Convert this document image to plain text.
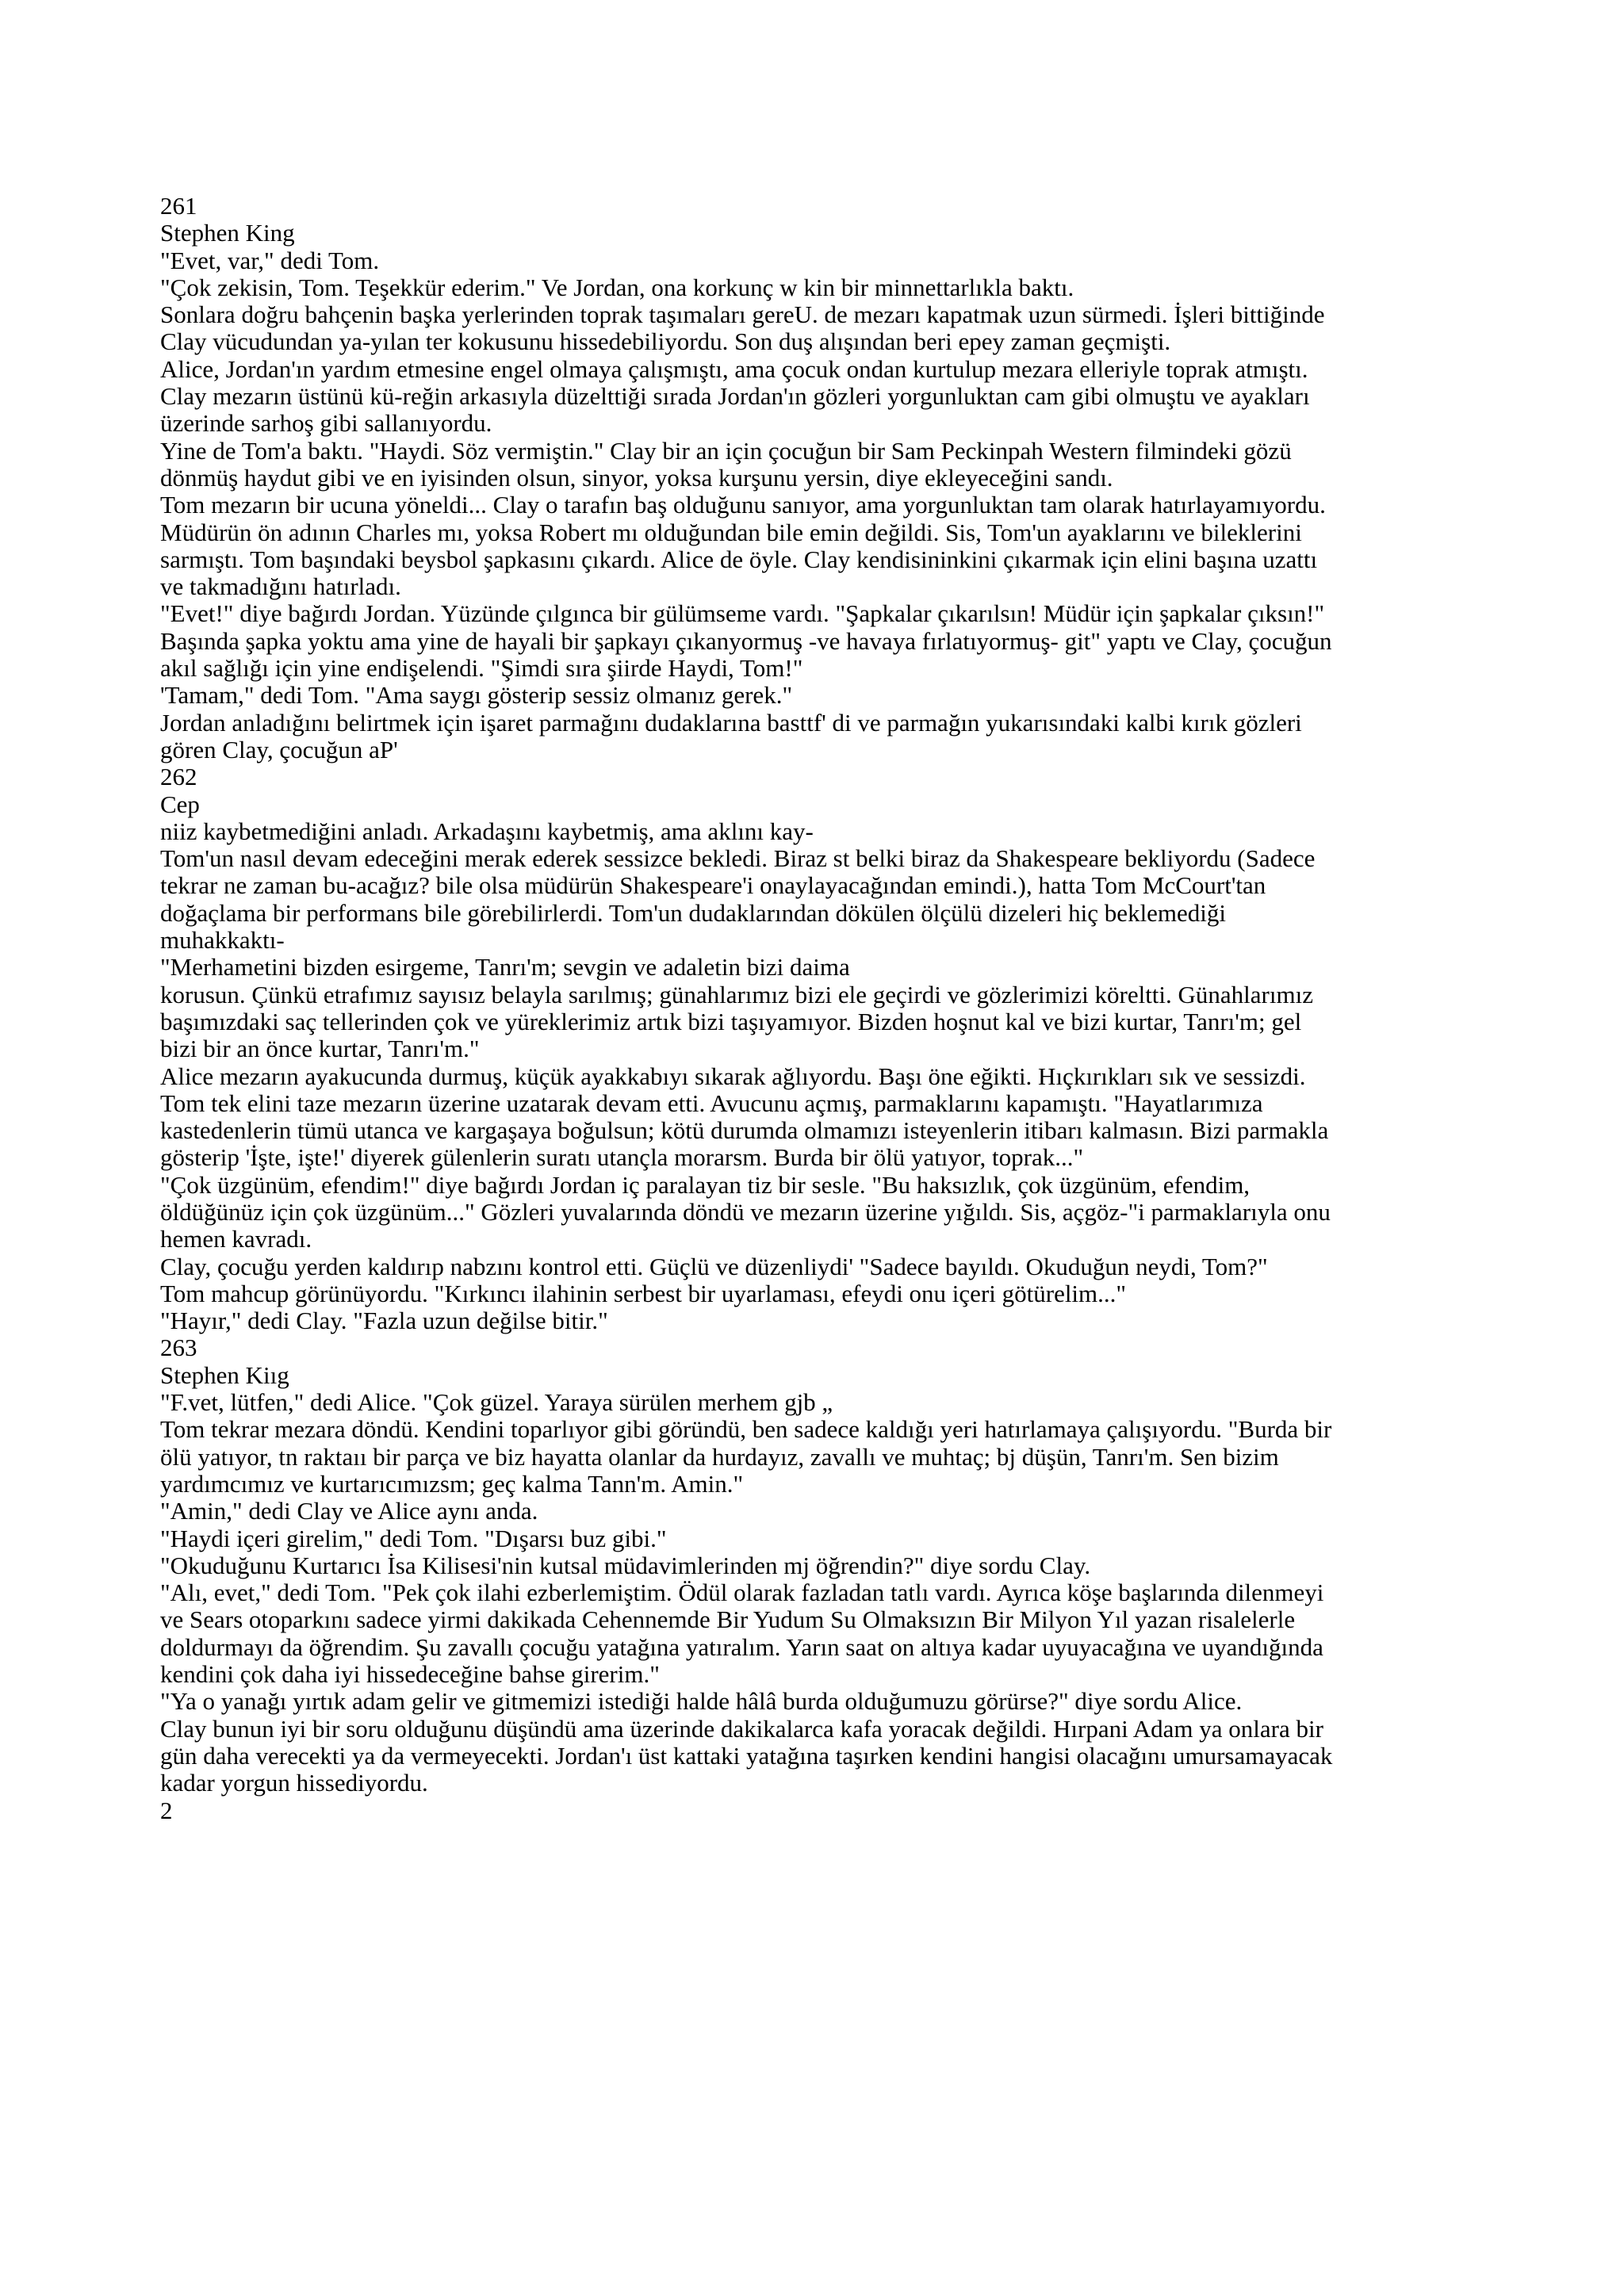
261
Stephen King
"Evet, var," dedi Tom.
"Çok zekisin, Tom. Teşekkür ederim." Ve Jordan, ona korkunç w kin bir minnettarlıkla baktı.
Sonlara doğru bahçenin başka yerlerinden toprak taşımaları gereU. de mezarı kapatmak uzun sürmedi. İşleri bittiğinde
Clay vücudundan ya-yılan ter kokusunu hissedebiliyordu. Son duş alışından beri epey zaman geçmişti.
Alice, Jordan'ın yardım etmesine engel olmaya çalışmıştı, ama çocuk ondan kurtulup mezara elleriyle toprak atmıştı.
Clay mezarın üstünü kü-reğin arkasıyla düzelttiği sırada Jordan'ın gözleri yorgunluktan cam gibi olmuştu ve ayakları
üzerinde sarhoş gibi sallanıyordu.
Yine de Tom'a baktı. "Haydi. Söz vermiştin." Clay bir an için çocuğun bir Sam Peckinpah Western filmindeki gözü
dönmüş haydut gibi ve en iyisinden olsun, sinyor, yoksa kurşunu yersin, diye ekleyeceğini sandı.
Tom mezarın bir ucuna yöneldi... Clay o tarafın baş olduğunu sanıyor, ama yorgunluktan tam olarak hatırlayamıyordu.
Müdürün ön adının Charles mı, yoksa Robert mı olduğundan bile emin değildi. Sis, Tom'un ayaklarını ve bileklerini
sarmıştı. Tom başındaki beysbol şapkasını çıkardı. Alice de öyle. Clay kendisininkini çıkarmak için elini başına uzattı
ve takmadığını hatırladı.
"Evet!" diye bağırdı Jordan. Yüzünde çılgınca bir gülümseme vardı. "Şapkalar çıkarılsın! Müdür için şapkalar çıksın!"
Başında şapka yoktu ama yine de hayali bir şapkayı çıkanyormuş -ve havaya fırlatıyormuş- git" yaptı ve Clay, çocuğun
akıl sağlığı için yine endişelendi. "Şimdi sıra şiirde Haydi, Tom!"
'Tamam," dedi Tom. "Ama saygı gösterip sessiz olmanız gerek."
Jordan anladığını belirtmek için işaret parmağını dudaklarına basttf' di ve parmağın yukarısındaki kalbi kırık gözleri
gören Clay, çocuğun aP'
262
Cep
niiz kaybetmediğini anladı. Arkadaşını kaybetmiş, ama aklını kay-
Tom'un nasıl devam edeceğini merak ederek sessizce bekledi. Biraz st belki biraz da Shakespeare bekliyordu (Sadece
tekrar ne zaman bu-acağız? bile olsa müdürün Shakespeare'i onaylayacağından emindi.), hatta Tom McCourt'tan
doğaçlama bir performans bile görebilirlerdi. Tom'un dudaklarından dökülen ölçülü dizeleri hiç beklemediği
muhakkaktı-
"Merhametini bizden esirgeme, Tanrı'm; sevgin ve adaletin bizi daima
korusun. Çünkü etrafımız sayısız belayla sarılmış; günahlarımız bizi ele geçirdi ve gözlerimizi köreltti. Günahlarımız
başımızdaki saç tellerinden çok ve yüreklerimiz artık bizi taşıyamıyor. Bizden hoşnut kal ve bizi kurtar, Tanrı'm; gel
bizi bir an önce kurtar, Tanrı'm."
Alice mezarın ayakucunda durmuş, küçük ayakkabıyı sıkarak ağlıyordu. Başı öne eğikti. Hıçkırıkları sık ve sessizdi.
Tom tek elini taze mezarın üzerine uzatarak devam etti. Avucunu açmış, parmaklarını kapamıştı. "Hayatlarımıza
kastedenlerin tümü utanca ve kargaşaya boğulsun; kötü durumda olmamızı isteyenlerin itibarı kalmasın. Bizi parmakla
gösterip 'İşte, işte!' diyerek gülenlerin suratı utançla morarsm. Burda bir ölü yatıyor, toprak..."
"Çok üzgünüm, efendim!" diye bağırdı Jordan iç paralayan tiz bir sesle. "Bu haksızlık, çok üzgünüm, efendim,
öldüğünüz için çok üzgünüm..." Gözleri yuvalarında döndü ve mezarın üzerine yığıldı. Sis, açgöz-"i parmaklarıyla onu
hemen kavradı.
Clay, çocuğu yerden kaldırıp nabzını kontrol etti. Güçlü ve düzenliydi' "Sadece bayıldı. Okuduğun neydi, Tom?"
Tom mahcup görünüyordu. "Kırkıncı ilahinin serbest bir uyarlaması, efeydi onu içeri götürelim..."
"Hayır," dedi Clay. "Fazla uzun değilse bitir."
263
Stephen Kiıg
"F.vet, lütfen," dedi Alice. "Çok güzel. Yaraya sürülen merhem gjb „
Tom tekrar mezara döndü. Kendini toparlıyor gibi göründü, ben sadece kaldığı yeri hatırlamaya çalışıyordu. "Burda bir
ölü yatıyor, tn raktaıı bir parça ve biz hayatta olanlar da hurdayız, zavallı ve muhtaç; bj düşün, Tanrı'm. Sen bizim
yardımcımız ve kurtarıcımızsm; geç kalma Tann'm. Amin."
"Amin," dedi Clay ve Alice aynı anda.
"Haydi içeri girelim," dedi Tom. "Dışarsı buz gibi."
"Okuduğunu Kurtarıcı İsa Kilisesi'nin kutsal müdavimlerinden mj öğrendin?" diye sordu Clay.
"Alı, evet," dedi Tom. "Pek çok ilahi ezberlemiştim. Ödül olarak fazladan tatlı vardı. Ayrıca köşe başlarında dilenmeyi
ve Sears otoparkını sadece yirmi dakikada Cehennemde Bir Yudum Su Olmaksızın Bir Milyon Yıl yazan risalelerle
doldurmayı da öğrendim. Şu zavallı çocuğu yatağına yatıralım. Yarın saat on altıya kadar uyuyacağına ve uyandığında
kendini çok daha iyi hissedeceğine bahse girerim."
"Ya o yanağı yırtık adam gelir ve gitmemizi istediği halde hâlâ burda olduğumuzu görürse?" diye sordu Alice.
Clay bunun iyi bir soru olduğunu düşündü ama üzerinde dakikalarca kafa yoracak değildi. Hırpani Adam ya onlara bir
gün daha verecekti ya da vermeyecekti. Jordan'ı üst kattaki yatağına taşırken kendini hangisi olacağını umursamayacak
kadar yorgun hissediyordu.
2
